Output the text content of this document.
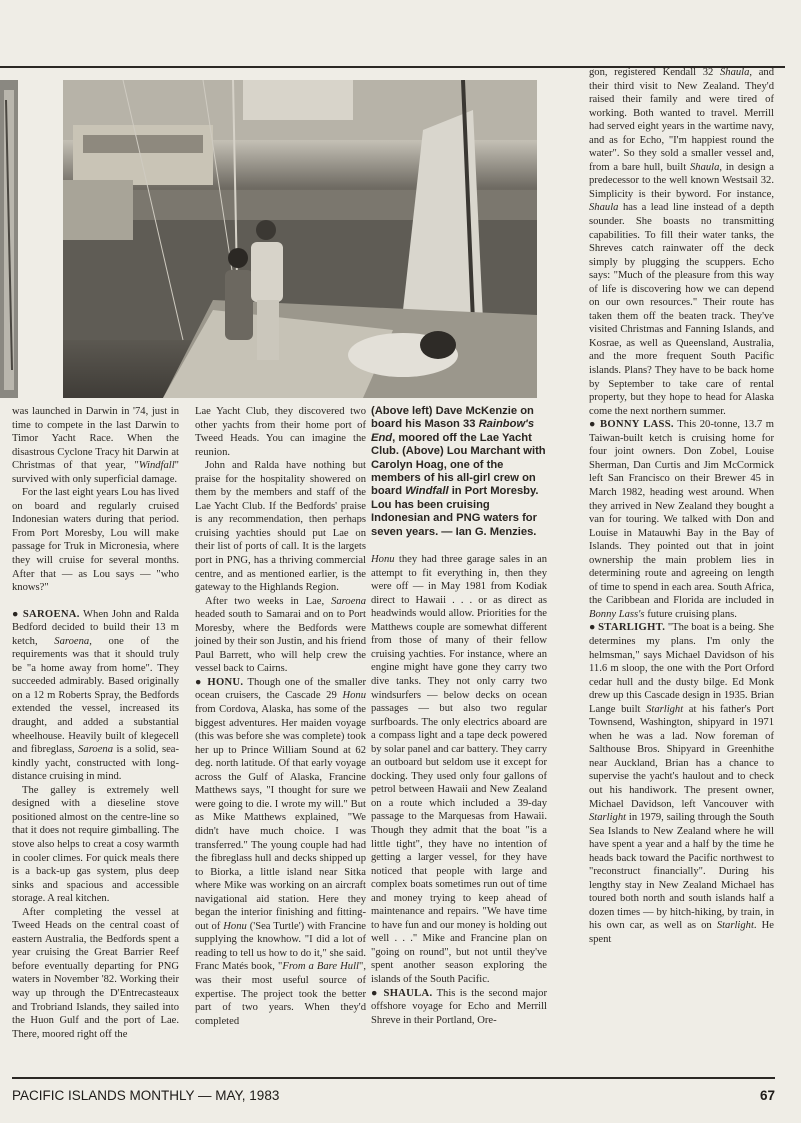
was launched in Darwin in '74, just in time to compete in the last Darwin to Timor Yacht Race. When the disastrous Cyclone Tracy hit Darwin at Christmas of that year, "Windfall" survived with only superficial damage.

For the last eight years Lou has lived on board and regularly cruised Indonesian waters during that period. From Port Moresby, Lou will make passage for Truk in Micronesia, where they will cruise for several months. After that — as Lou says — "who knows?"

● SAROENA. When John and Ralda Bedford decided to build their 13 m ketch, Saroena, one of the requirements was that it should truly be "a home away from home". They succeeded admirably. Based originally on a 12 m Roberts Spray, the Bedfords extended the vessel, increased its draught, and added a substantial wheelhouse. Heavily built of klegecell and fibreglass, Saroena is a solid, sea-kindly yacht, constructed with long-distance cruising in mind.

The galley is extremely well designed with a dieseline stove positioned almost on the centre-line so that it does not require gimballing. The stove also helps to creat a cosy warmth in cooler climes. For quick meals there is a back-up gas system, plus deep sinks and spacious and accessible storage. A real kitchen.

After completing the vessel at Tweed Heads on the central coast of eastern Australia, the Bedfords spent a year cruising the Great Barrier Reef before eventually departing for PNG waters in November '82. Working their way up through the D'Entrecasteaux and Trobriand Islands, they sailed into the Huon Gulf and the port of Lae. There, moored right off the

Lae Yacht Club, they discovered two other yachts from their home port of Tweed Heads. You can imagine the reunion.

John and Ralda have nothing but praise for the hospitality showered on them by the members and staff of the Lae Yacht Club. If the Bedfords' praise is any recommendation, then perhaps cruising yachties should put Lae on their list of ports of call. It is the largets port in PNG, has a thriving commercial centre, and as mentioned earlier, is the gateway to the Highlands Region.

After two weeks in Lae, Saroena headed south to Samarai and on to Port Moresby, where the Bedfords were joined by their son Justin, and his friend Paul Barrett, who will help crew the vessel back to Cairns.

● HONU. Though one of the smaller ocean cruisers, the Cascade 29 Honu from Cordova, Alaska, has some of the biggest adventures. Her maiden voyage (this was before she was complete) took her up to Prince William Sound at 62 deg. north latitude. Of that early voyage across the Gulf of Alaska, Francine Matthews says, "I thought for sure we were going to die. I wrote my will." But as Mike Matthews explained, "We didn't have much choice. I was transferred." The young couple had had the fibreglass hull and decks shipped up to Biorka, a little island near Sitka where Mike was working on an aircraft navigational aid station. Here they began the interior finishing and fitting-out of Honu ('Sea Turtle') with Francine supplying the knowhow. "I did a lot of reading to tell us how to do it," she said. Franc Matés book, "From a Bare Hull", was their most useful source of expertise. The project took the better part of two years. When they'd completed

(Above left) Dave McKenzie on board his Mason 33 Rainbow's End, moored off the Lae Yacht Club. (Above) Lou Marchant with Carolyn Hoag, one of the members of his all-girl crew on board Windfall in Port Moresby. Lou has been cruising Indonesian and PNG waters for seven years. — Ian G. Menzies.

Honu they had three garage sales in an attempt to fit everything in, then they were off — in May 1981 from Kodiak direct to Hawaii . . . or as direct as headwinds would allow. Priorities for the Matthews couple are somewhat different from those of many of their fellow cruising yachties. For instance, where an engine might have gone they carry two dive tanks. They not only carry two windsurfers — below decks on ocean passages — but also two regular surfboards. The only electrics aboard are a compass light and a tape deck powered by solar panel and car battery. They carry an outboard but seldom use it except for docking. They used only four gallons of petrol between Hawaii and New Zealand on a route which included a 39-day passage to the Marquesas from Hawaii. Though they admit that the boat "is a little tight", they have no intention of getting a larger vessel, for they have noticed that people with large and complex boats sometimes run out of time and money trying to keep ahead of maintenance and repairs. "We have time to have fun and our money is holding out well . . ." Mike and Francine plan on "going on round", but not until they've spent another season exploring the islands of the South Pacific.

● SHAULA. This is the second major offshore voyage for Echo and Merrill Shreve in their Portland, Ore-

gon, registered Kendall 32 Shaula, and their third visit to New Zealand. They'd raised their family and were tired of working. Both wanted to travel. Merrill had served eight years in the wartime navy, and as for Echo, "I'm happiest round the water". So they sold a smaller vessel and, from a bare hull, built Shaula, in design a predecessor to the well known Westsail 32. Simplicity is their byword. For instance, Shaula has a lead line instead of a depth sounder. She boasts no transmitting capabilities. To fill their water tanks, the Shreves catch rainwater off the deck simply by plugging the scuppers. Echo says: "Much of the pleasure from this way of life is discovering how we can depend on our own resources." Their route has taken them off the beaten track. They've visited Christmas and Fanning Islands, and Kosrae, as well as Queensland, Australia, and the more frequent South Pacific islands. Plans? They have to be back home by September to take care of rental property, but they hope to head for Alaska come the next northern summer.

● BONNY LASS. This 20-tonne, 13.7 m Taiwan-built ketch is cruising home for four joint owners. Don Zobel, Louise Sherman, Dan Curtis and Jim McCormick left San Francisco on their Brewer 45 in March 1982, heading west around. When they arrived in New Zealand they bought a van for touring. We talked with Don and Louise in Matauwhi Bay in the Bay of Islands. They pointed out that in joint ownership the main problem lies in determining route and agreeing on length of time to spend in each area. South Africa, the Caribbean and Florida are included in Bonny Lass's future cruising plans.

● STARLIGHT. "The boat is a being. She determines my plans. I'm only the helmsman," says Michael Davidson of his 11.6 m sloop, the one with the Port Orford cedar hull and the dusty bilge. Ed Monk drew up this Cascade design in 1935. Brian Lange built Starlight at his father's Port Townsend, Washington, shipyard in 1971 when he was a lad. Now foreman of Salthouse Bros. Shipyard in Greenhithe near Auckland, Brian has a chance to supervise the yacht's haulout and to check out his handiwork. The present owner, Michael Davidson, left Vancouver with Starlight in 1979, sailing through the South Sea Islands to New Zealand where he will have spent a year and a half by the time he heads back toward the Pacific northwest to "reconstruct financially". During his lengthy stay in New Zealand Michael has toured both north and south islands half a dozen times — by hitch-hiking, by train, in his own car, as well as on Starlight. He spent

PACIFIC ISLANDS MONTHLY — MAY, 1983	67
